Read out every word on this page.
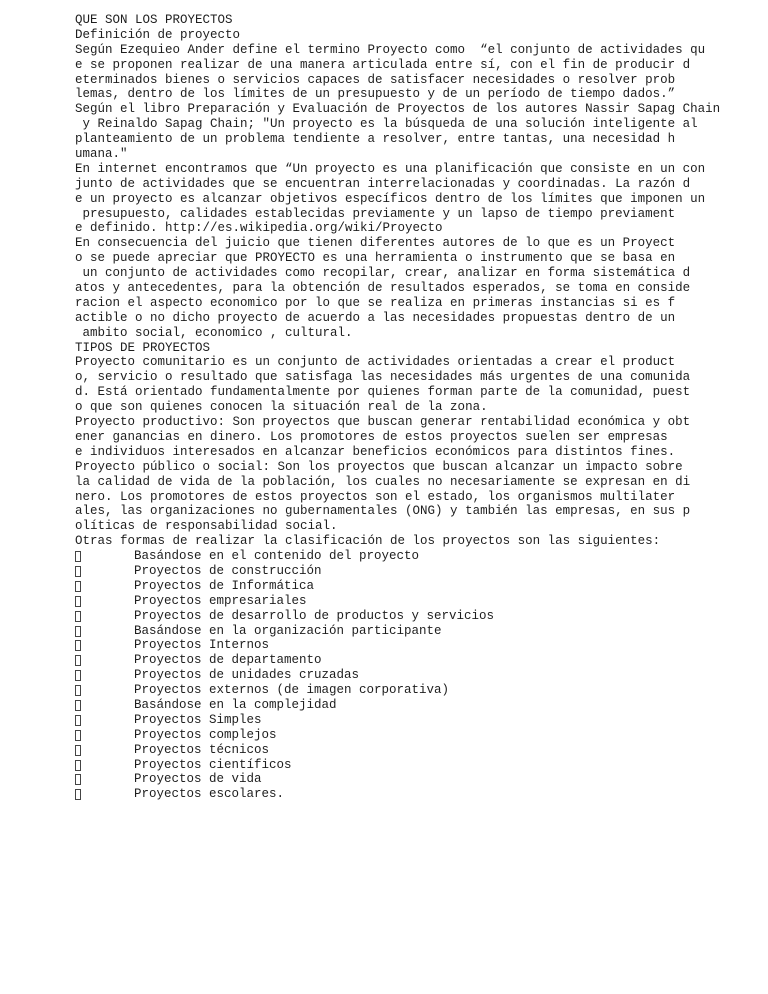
QUE SON LOS PROYECTOS
Definición de proyecto
Según Ezequieo Ander define el termino Proyecto como  “el conjunto de actividades qu
e se proponen realizar de una manera articulada entre sí, con el fin de producir d
eterminados bienes o servicios capaces de satisfacer necesidades o resolver prob
lemas, dentro de los límites de un presupuesto y de un período de tiempo dados.”
Según el libro Preparación y Evaluación de Proyectos de los autores Nassir Sapag Chain
y Reinaldo Sapag Chain; "Un proyecto es la búsqueda de una solución inteligente al
planteamiento de un problema tendiente a resolver, entre tantas, una necesidad h
umana."
En internet encontramos que “Un proyecto es una planificación que consiste en un con
junto de actividades que se encuentran interrelacionadas y coordinadas. La razón d
e un proyecto es alcanzar objetivos específicos dentro de los límites que imponen un
presupuesto, calidades establecidas previamente y un lapso de tiempo previament
e definido. http://es.wikipedia.org/wiki/Proyecto
En consecuencia del juicio que tienen diferentes autores de lo que es un Proyect
o se puede apreciar que PROYECTO es una herramienta o instrumento que se basa en
un conjunto de actividades como recopilar, crear, analizar en forma sistemática d
atos y antecedentes, para la obtención de resultados esperados, se toma en conside
racion el aspecto economico por lo que se realiza en primeras instancias si es f
actible o no dicho proyecto de acuerdo a las necesidades propuestas dentro de un
ambito social, economico , cultural.
TIPOS DE PROYECTOS
Proyecto comunitario es un conjunto de actividades orientadas a crear el product
o, servicio o resultado que satisfaga las necesidades más urgentes de una comunida
d. Está orientado fundamentalmente por quienes forman parte de la comunidad, puest
o que son quienes conocen la situación real de la zona.
Proyecto productivo: Son proyectos que buscan generar rentabilidad económica y obt
ener ganancias en dinero. Los promotores de estos proyectos suelen ser empresas
e individuos interesados en alcanzar beneficios económicos para distintos fines.
Proyecto público o social: Son los proyectos que buscan alcanzar un impacto sobre
la calidad de vida de la población, los cuales no necesariamente se expresan en di
nero. Los promotores de estos proyectos son el estado, los organismos multilater
ales, las organizaciones no gubernamentales (ONG) y también las empresas, en sus p
olíticas de responsabilidad social.
Otras formas de realizar la clasificación de los proyectos son las siguientes:
Basándose en el contenido del proyecto
Proyectos de construcción
Proyectos de Informática
Proyectos empresariales
Proyectos de desarrollo de productos y servicios
Basándose en la organización participante
Proyectos Internos
Proyectos de departamento
Proyectos de unidades cruzadas
Proyectos externos (de imagen corporativa)
Basándose en la complejidad
Proyectos Simples
Proyectos complejos
Proyectos técnicos
Proyectos científicos
Proyectos de vida
Proyectos escolares.
